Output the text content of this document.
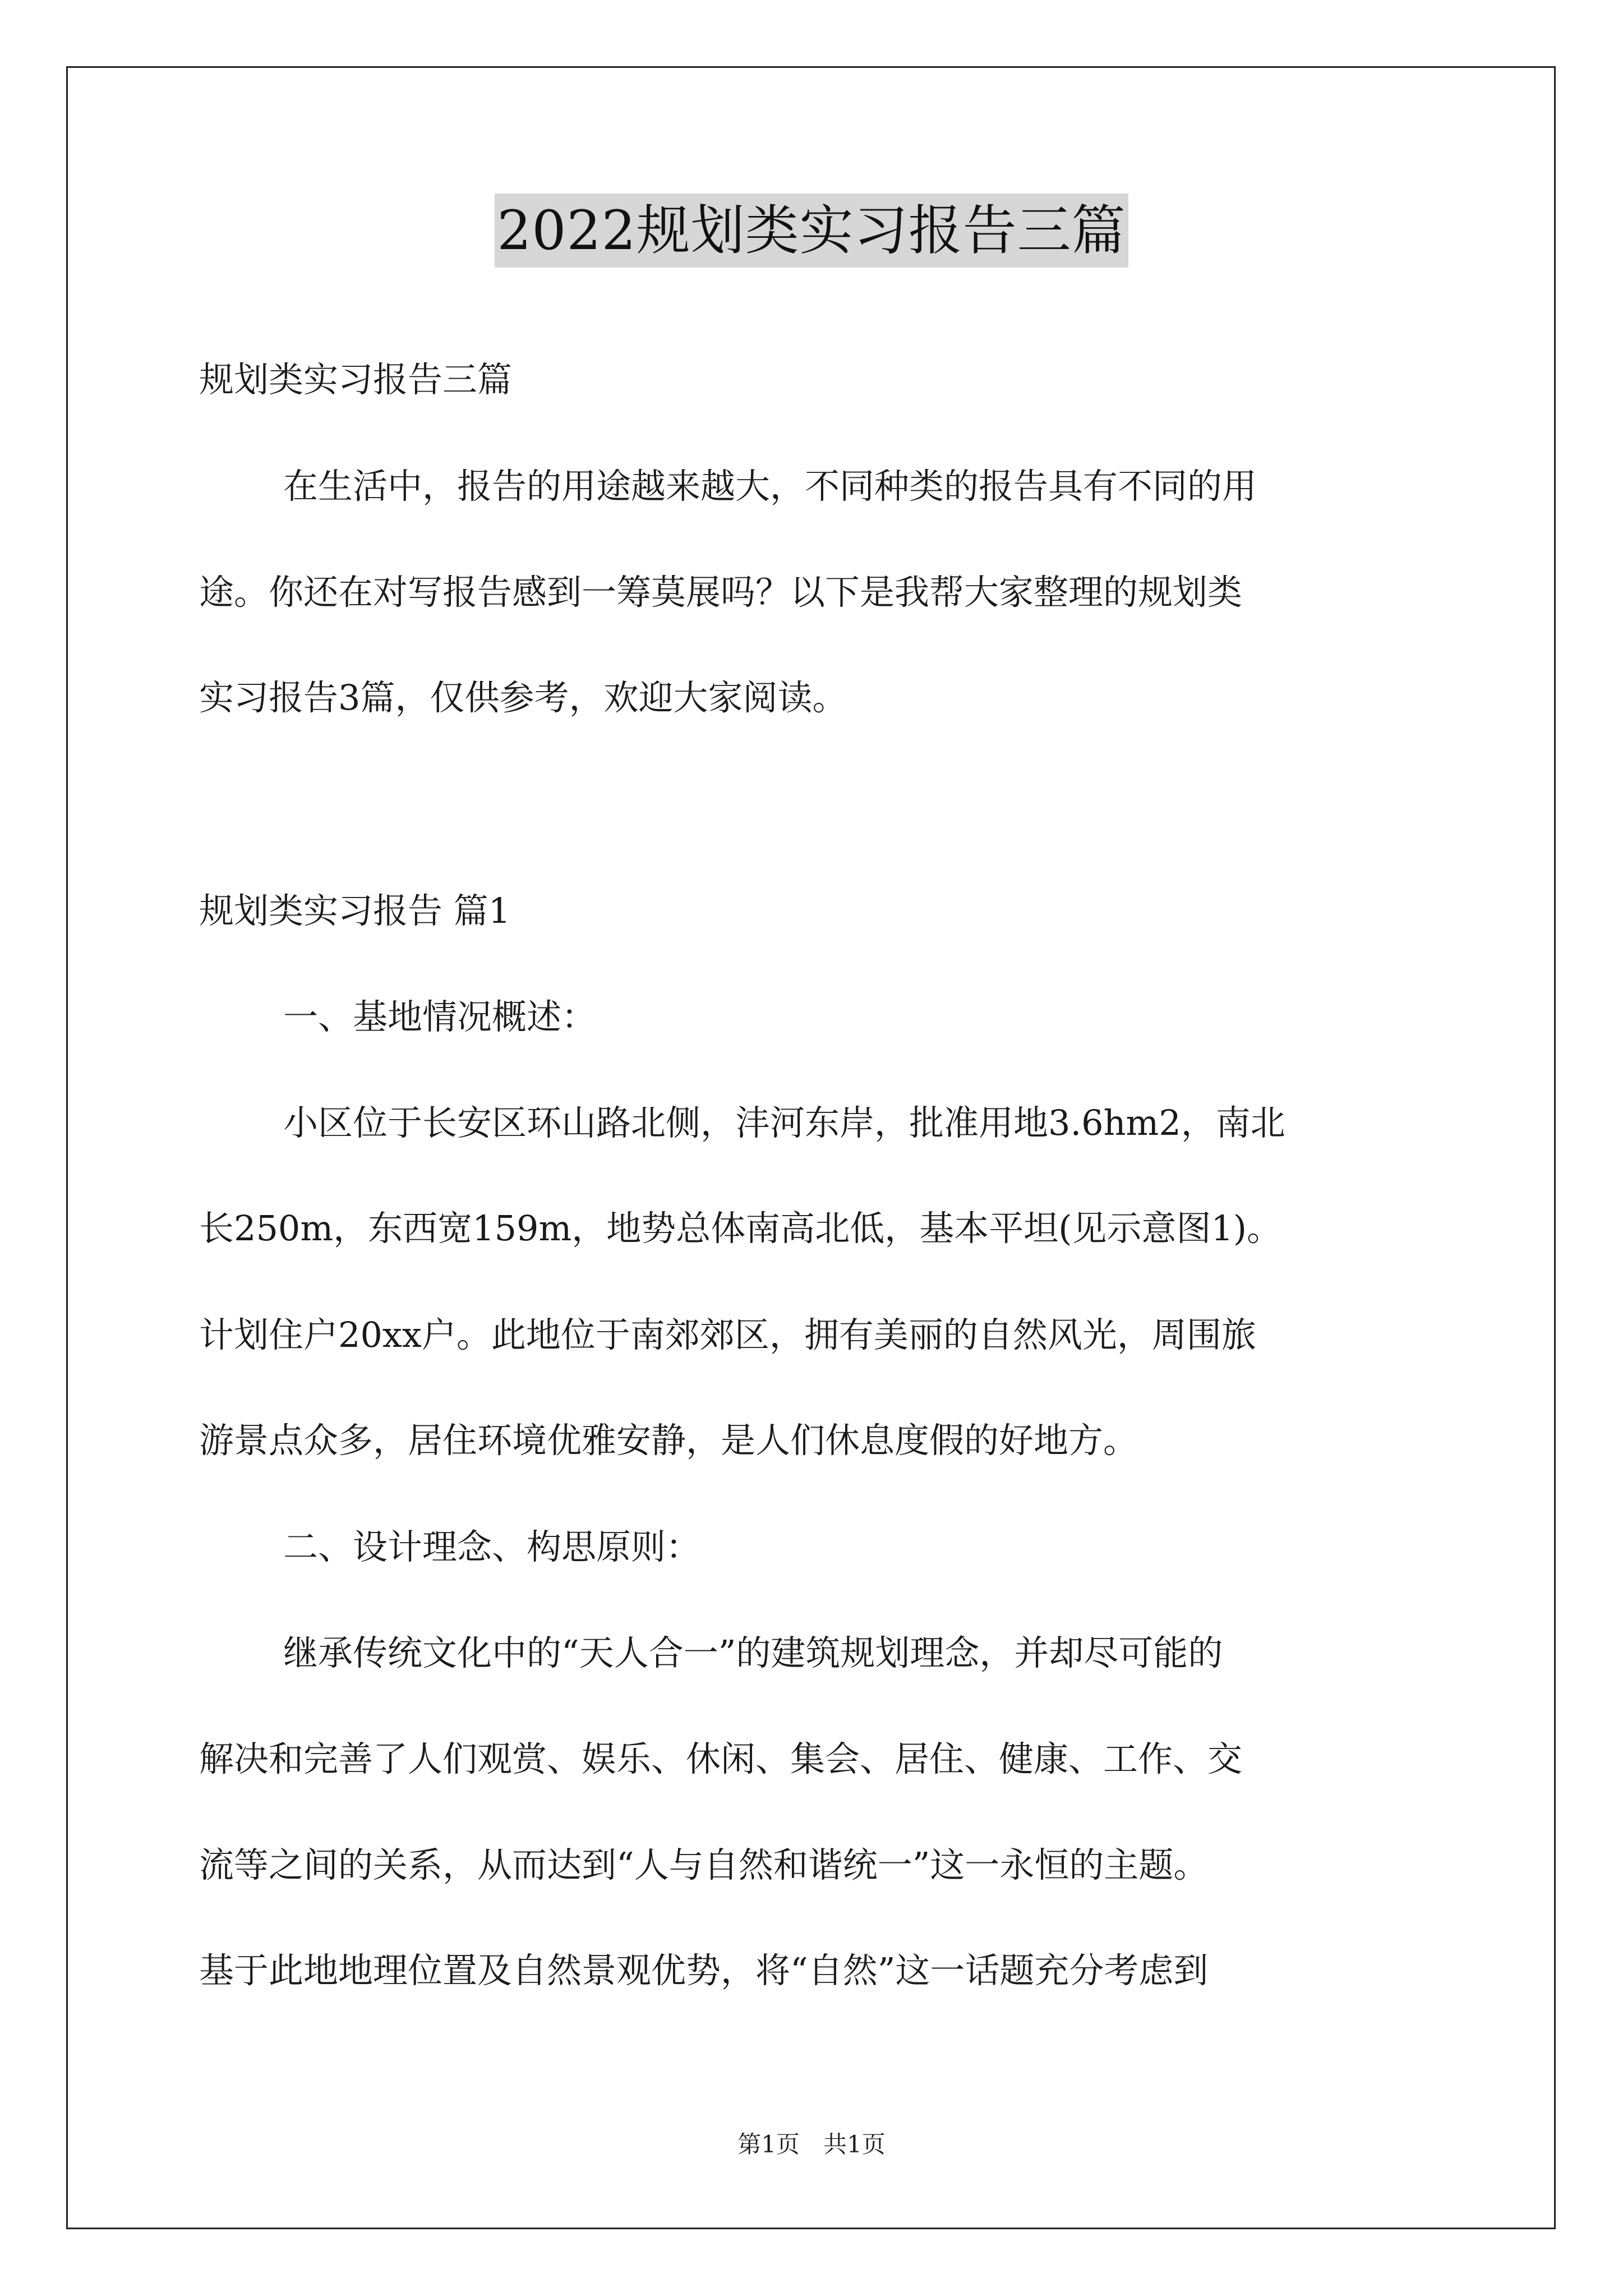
2022规划类实习报告三篇
规划类实习报告三篇
在生活中，报告的用途越来越大，不同种类的报告具有不同的用
途。你还在对写报告感到一筹莫展吗？以下是我帮大家整理的规划类
实习报告3篇，仅供参考，欢迎大家阅读。
规划类实习报告 篇1
一、基地情况概述：
小区位于长安区环山路北侧，沣河东岸，批准用地3.6hm2，南北
长250m，东西宽159m，地势总体南高北低，基本平坦(见示意图1)。
计划住户20xx户。此地位于南郊郊区，拥有美丽的自然风光，周围旅
游景点众多，居住环境优雅安静，是人们休息度假的好地方。
二、设计理念、构思原则：
继承传统文化中的“天人合一”的建筑规划理念，并却尽可能的
解决和完善了人们观赏、娱乐、休闲、集会、居住、健康、工作、交
流等之间的关系，从而达到“人与自然和谐统一”这一永恒的主题。
基于此地地理位置及自然景观优势，将“自然”这一话题充分考虑到
第1页　共1页
